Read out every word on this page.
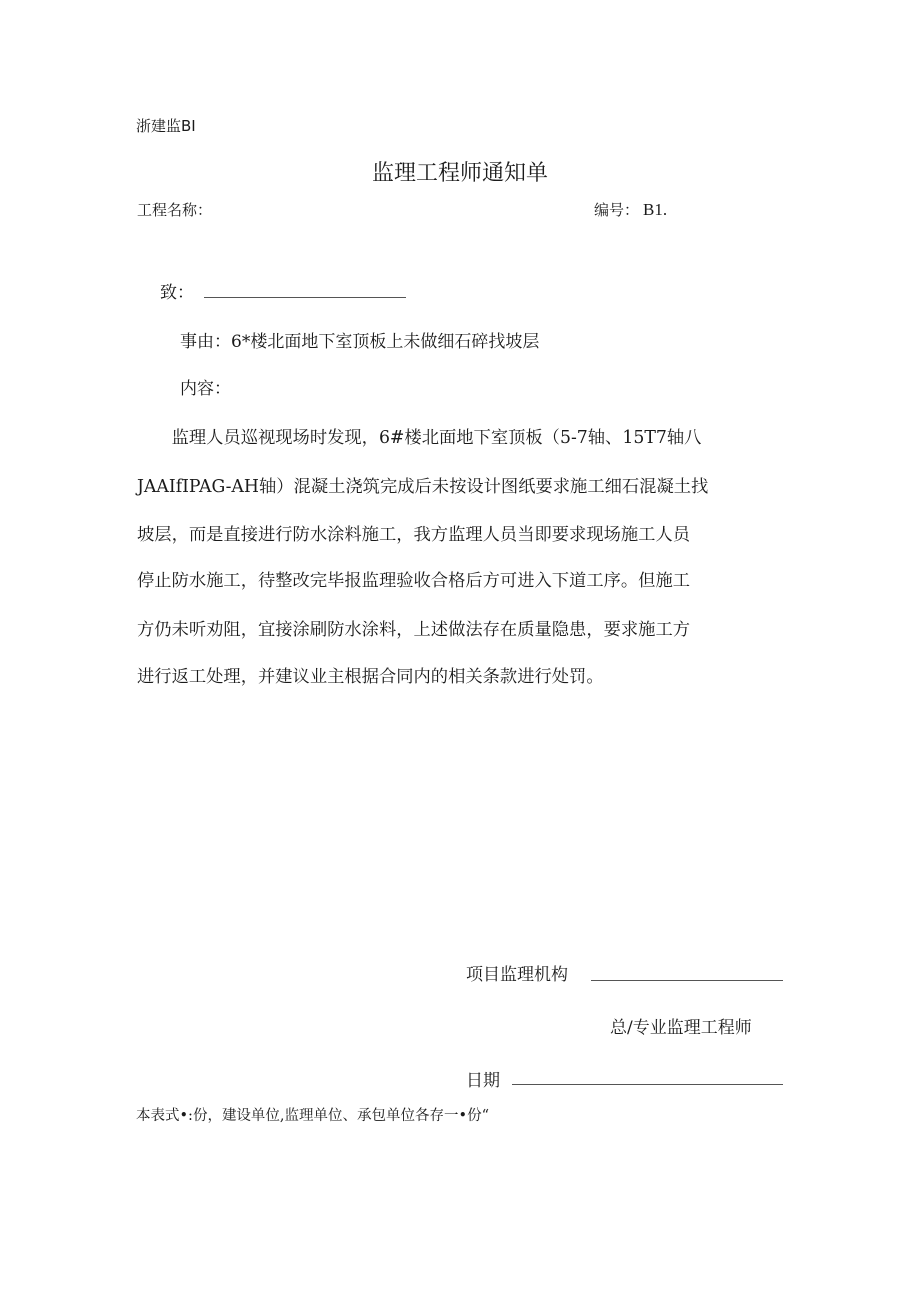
浙建监BI
监理工程师通知单
工程名称：	编号： B1.
致：
事由：6*楼北面地下室顶板上未做细石碎找坡层
内容：
　　监理人员巡视现场时发现，6#楼北面地下室顶板（5-7轴、15T7轴八
JAAIfIPAG-AH轴）混凝土浇筑完成后未按设计图纸要求施工细石混凝土找
坡层，而是直接进行防水涂料施工，我方监理人员当即要求现场施工人员
停止防水施工，待整改完毕报监理验收合格后方可进入下道工序。但施工
方仍未听劝阻，宜接涂刷防水涂料，上述做法存在质量隐患，要求施工方
进行返工处理，并建议业主根据合同内的相关条款进行处罚。
项目监理机构
总/专业监理工程师
日期
本表式•:份，建设单位,监理单位、承包单位各存一•份“
